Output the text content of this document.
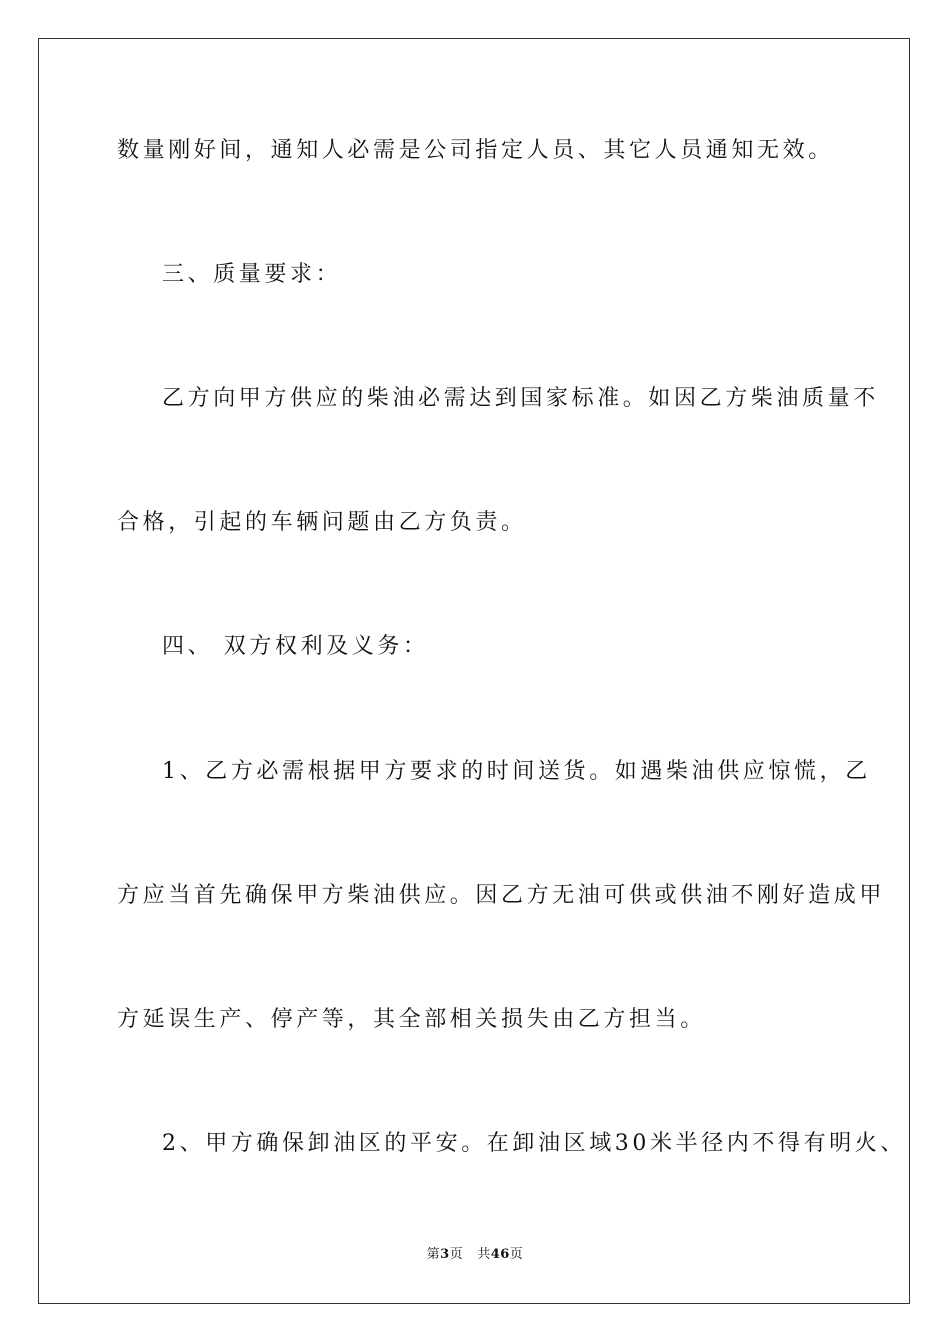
数量刚好间，通知人必需是公司指定人员、其它人员通知无效。
三、质量要求：
乙方向甲方供应的柴油必需达到国家标准。如因乙方柴油质量不
合格，引起的车辆问题由乙方负责。
四、 双方权利及义务：
1、乙方必需根据甲方要求的时间送货。如遇柴油供应惊慌，乙
方应当首先确保甲方柴油供应。因乙方无油可供或供油不刚好造成甲
方延误生产、停产等，其全部相关损失由乙方担当。
2、甲方确保卸油区的平安。在卸油区域30米半径内不得有明火、
第3页 共46页
